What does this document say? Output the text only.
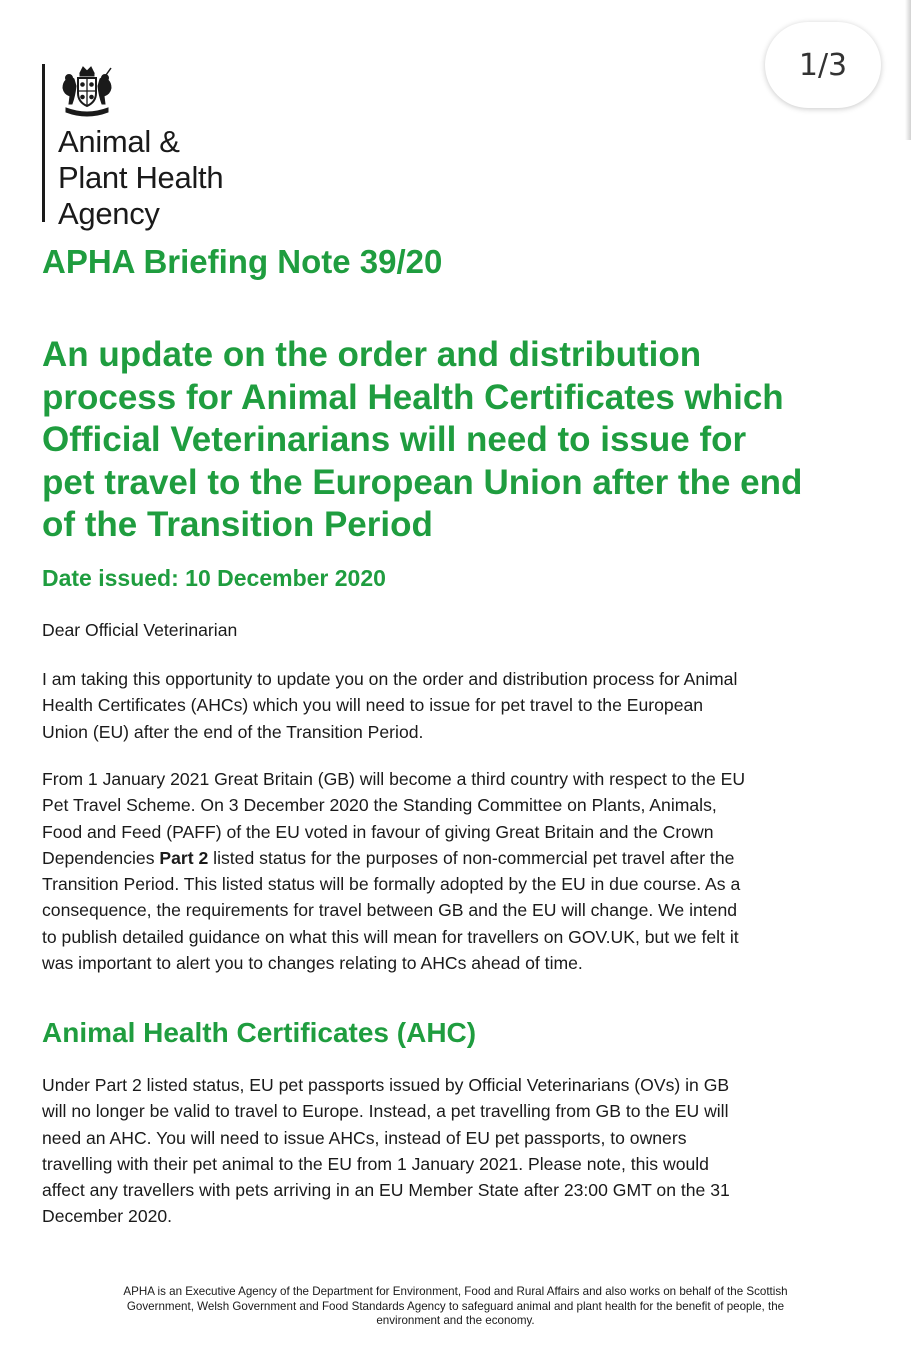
1/3
Animal &
Plant Health
Agency
APHA Briefing Note 39/20
An update on the order and distribution
process for Animal Health Certificates which
Official Veterinarians will need to issue for
pet travel to the European Union after the end
of the Transition Period
Date issued: 10 December 2020
Dear Official Veterinarian
I am taking this opportunity to update you on the order and distribution process for Animal
Health Certificates (AHCs) which you will need to issue for pet travel to the European
Union (EU) after the end of the Transition Period.
From 1 January 2021 Great Britain (GB) will become a third country with respect to the EU
Pet Travel Scheme. On 3 December 2020 the Standing Committee on Plants, Animals,
Food and Feed (PAFF) of the EU voted in favour of giving Great Britain and the Crown
Dependencies Part 2 listed status for the purposes of non-commercial pet travel after the
Transition Period. This listed status will be formally adopted by the EU in due course. As a
consequence, the requirements for travel between GB and the EU will change. We intend
to publish detailed guidance on what this will mean for travellers on GOV.UK, but we felt it
was important to alert you to changes relating to AHCs ahead of time.
Animal Health Certificates (AHC)
Under Part 2 listed status, EU pet passports issued by Official Veterinarians (OVs) in GB
will no longer be valid to travel to Europe. Instead, a pet travelling from GB to the EU will
need an AHC. You will need to issue AHCs, instead of EU pet passports, to owners
travelling with their pet animal to the EU from 1 January 2021. Please note, this would
affect any travellers with pets arriving in an EU Member State after 23:00 GMT on the 31
December 2020.
APHA is an Executive Agency of the Department for Environment, Food and Rural Affairs and also works on behalf of the Scottish
Government, Welsh Government and Food Standards Agency to safeguard animal and plant health for the benefit of people, the
environment and the economy.
